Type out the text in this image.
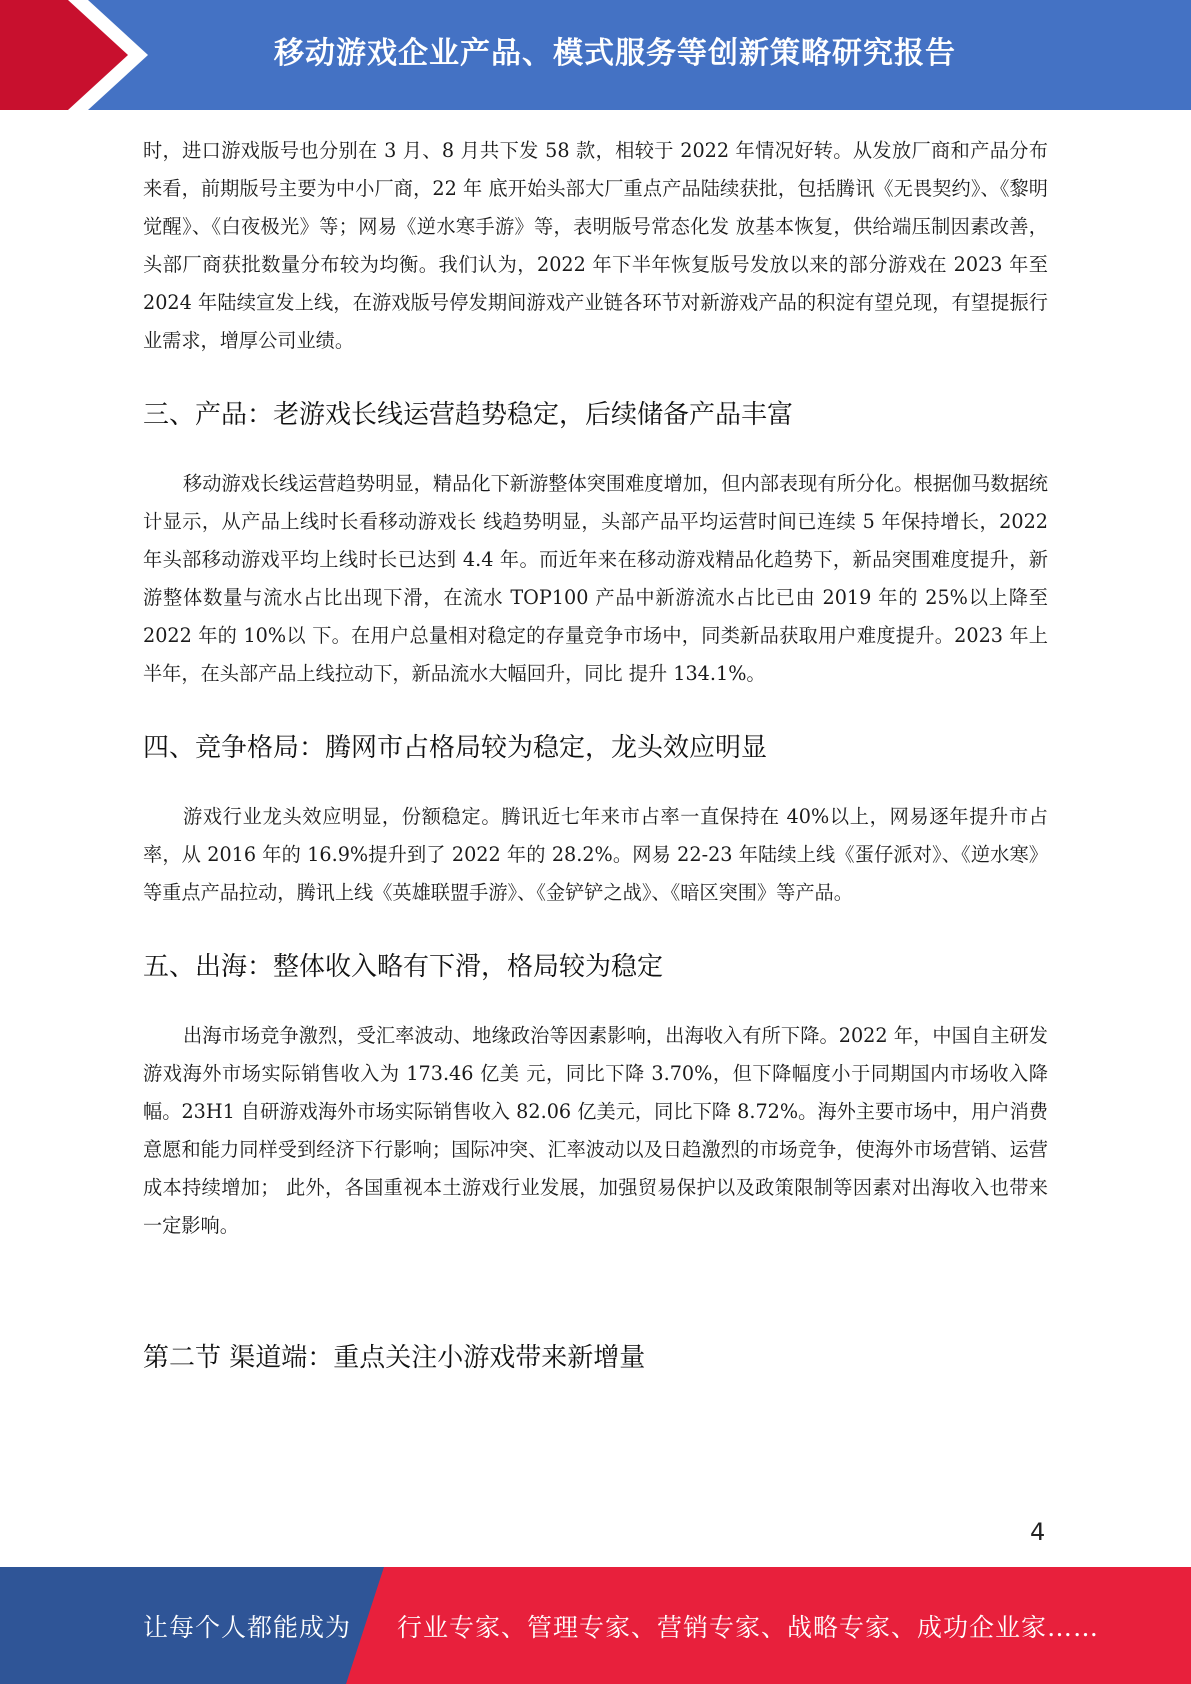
移动游戏企业产品、模式服务等创新策略研究报告

时，进口游戏版号也分别在 3 月、8 月共下发 58 款，相较于 2022 年情况好转。从发放厂商和产品分布来看，前期版号主要为中小厂商，22 年 底开始头部大厂重点产品陆续获批，包括腾讯《无畏契约》、《黎明觉醒》、《白夜极光》等；网易《逆水寒手游》等，表明版号常态化发 放基本恢复，供给端压制因素改善，头部厂商获批数量分布较为均衡。我们认为，2022 年下半年恢复版号发放以来的部分游戏在 2023 年至 2024 年陆续宣发上线，在游戏版号停发期间游戏产业链各环节对新游戏产品的积淀有望兑现，有望提振行业需求，增厚公司业绩。

三、产品：老游戏长线运营趋势稳定，后续储备产品丰富

移动游戏长线运营趋势明显，精品化下新游整体突围难度增加，但内部表现有所分化。根据伽马数据统计显示，从产品上线时长看移动游戏长 线趋势明显，头部产品平均运营时间已连续 5 年保持增长，2022 年头部移动游戏平均上线时长已达到 4.4 年。而近年来在移动游戏精品化趋势下，新品突围难度提升，新游整体数量与流水占比出现下滑，在流水 TOP100 产品中新游流水占比已由 2019 年的 25%以上降至 2022 年的 10%以 下。在用户总量相对稳定的存量竞争市场中，同类新品获取用户难度提升。2023 年上半年，在头部产品上线拉动下，新品流水大幅回升，同比 提升 134.1%。

四、竞争格局：腾网市占格局较为稳定，龙头效应明显

游戏行业龙头效应明显，份额稳定。腾讯近七年来市占率一直保持在 40%以上，网易逐年提升市占率，从 2016 年的 16.9%提升到了 2022 年的 28.2%。网易 22-23 年陆续上线《蛋仔派对》、《逆水寒》等重点产品拉动，腾讯上线《英雄联盟手游》、《金铲铲之战》、《暗区突围》等产品。

五、出海：整体收入略有下滑，格局较为稳定

出海市场竞争激烈，受汇率波动、地缘政治等因素影响，出海收入有所下降。2022 年，中国自主研发游戏海外市场实际销售收入为 173.46 亿美 元，同比下降 3.70%，但下降幅度小于同期国内市场收入降幅。23H1 自研游戏海外市场实际销售收入 82.06 亿美元，同比下降 8.72%。海外主要市场中，用户消费意愿和能力同样受到经济下行影响；国际冲突、汇率波动以及日趋激烈的市场竞争，使海外市场营销、运营成本持续增加； 此外，各国重视本土游戏行业发展，加强贸易保护以及政策限制等因素对出海收入也带来一定影响。

第二节 渠道端：重点关注小游戏带来新增量
4
让每个人都能成为 行业专家、管理专家、营销专家、战略专家、成功企业家……
